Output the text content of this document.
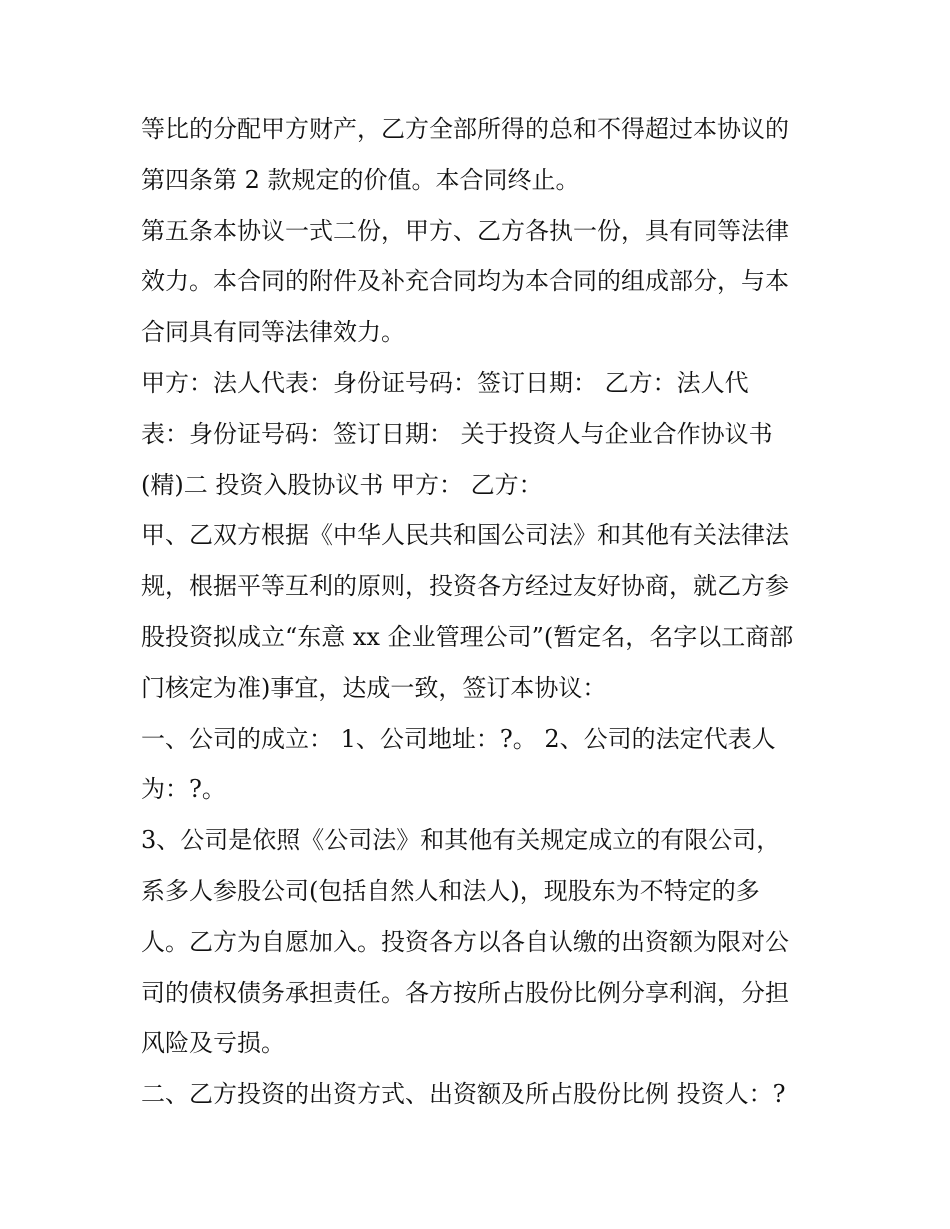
等比的分配甲方财产，乙方全部所得的总和不得超过本协议的
第四条第 2 款规定的价值。本合同终止。
第五条本协议一式二份，甲方、乙方各执一份，具有同等法律
效力。本合同的附件及补充合同均为本合同的组成部分，与本
合同具有同等法律效力。
甲方：法人代表：身份证号码：签订日期： 乙方：法人代
表：身份证号码：签订日期： 关于投资人与企业合作协议书
(精)二 投资入股协议书 甲方： 乙方：
甲、乙双方根据《中华人民共和国公司法》和其他有关法律法
规，根据平等互利的原则，投资各方经过友好协商，就乙方参
股投资拟成立“东意 xx 企业管理公司”(暂定名，名字以工商部
门核定为准)事宜，达成一致，签订本协议：
一、公司的成立： 1、公司地址：?。 2、公司的法定代表人
为：?。
3、公司是依照《公司法》和其他有关规定成立的有限公司，
系多人参股公司(包括自然人和法人)，现股东为不特定的多
人。乙方为自愿加入。投资各方以各自认缴的出资额为限对公
司的债权债务承担责任。各方按所占股份比例分享利润，分担
风险及亏损。
二、乙方投资的出资方式、出资额及所占股份比例 投资人：?
